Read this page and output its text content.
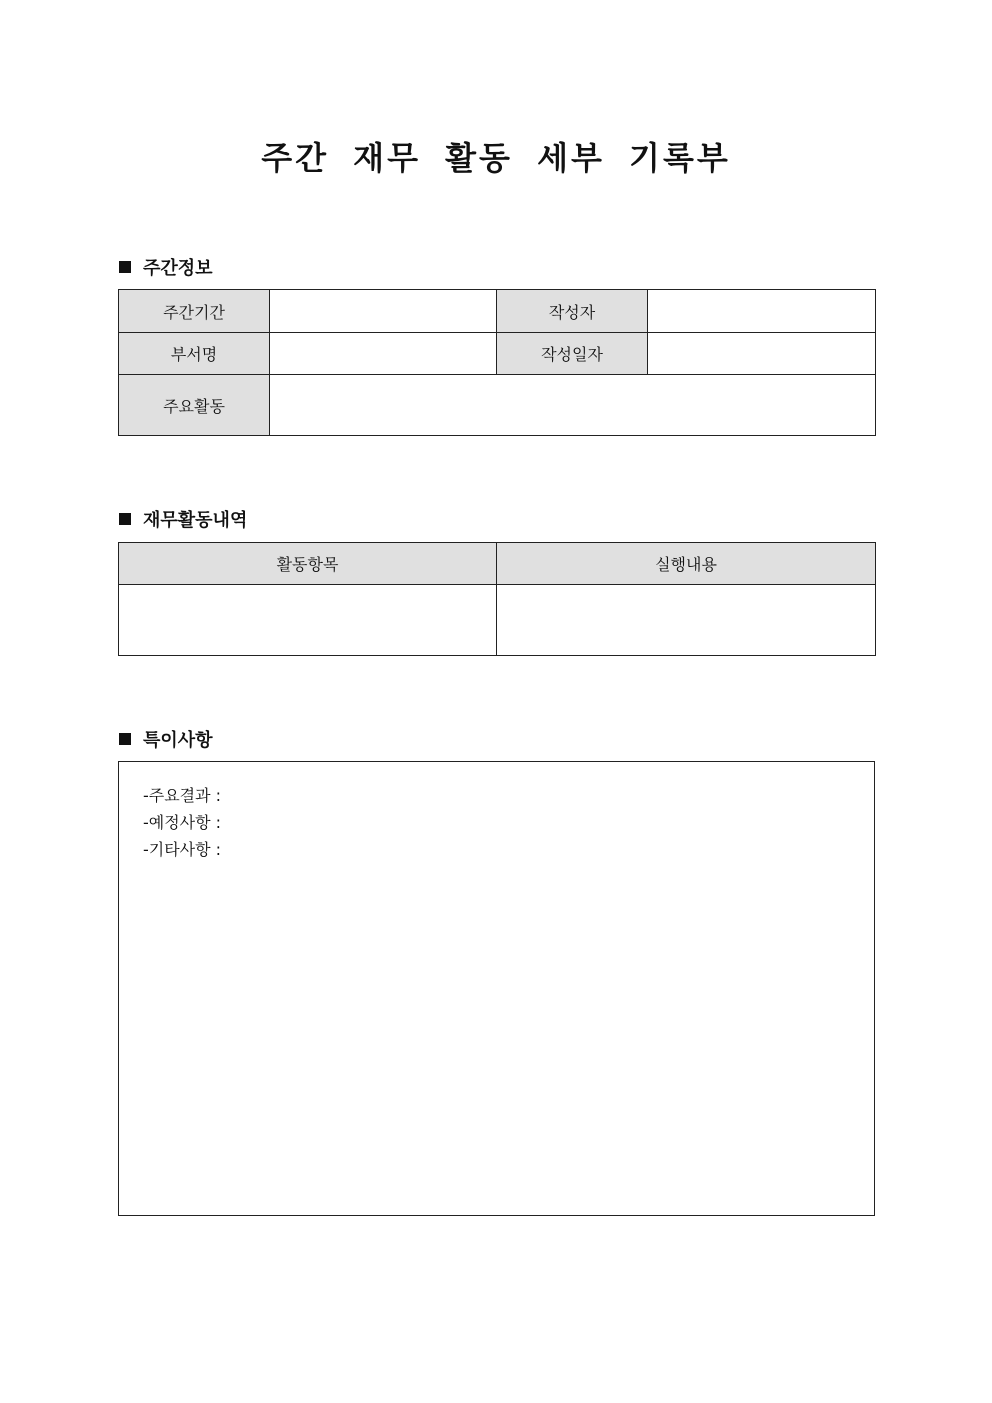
주간 재무 활동 세부 기록부
주간정보
주간기간		작성자	
부서명		작성일자	
주요활동			
재무활동내역
활동항목	실행내용

특이사항
-주요결과 :
-예정사항 :
-기타사항 :
